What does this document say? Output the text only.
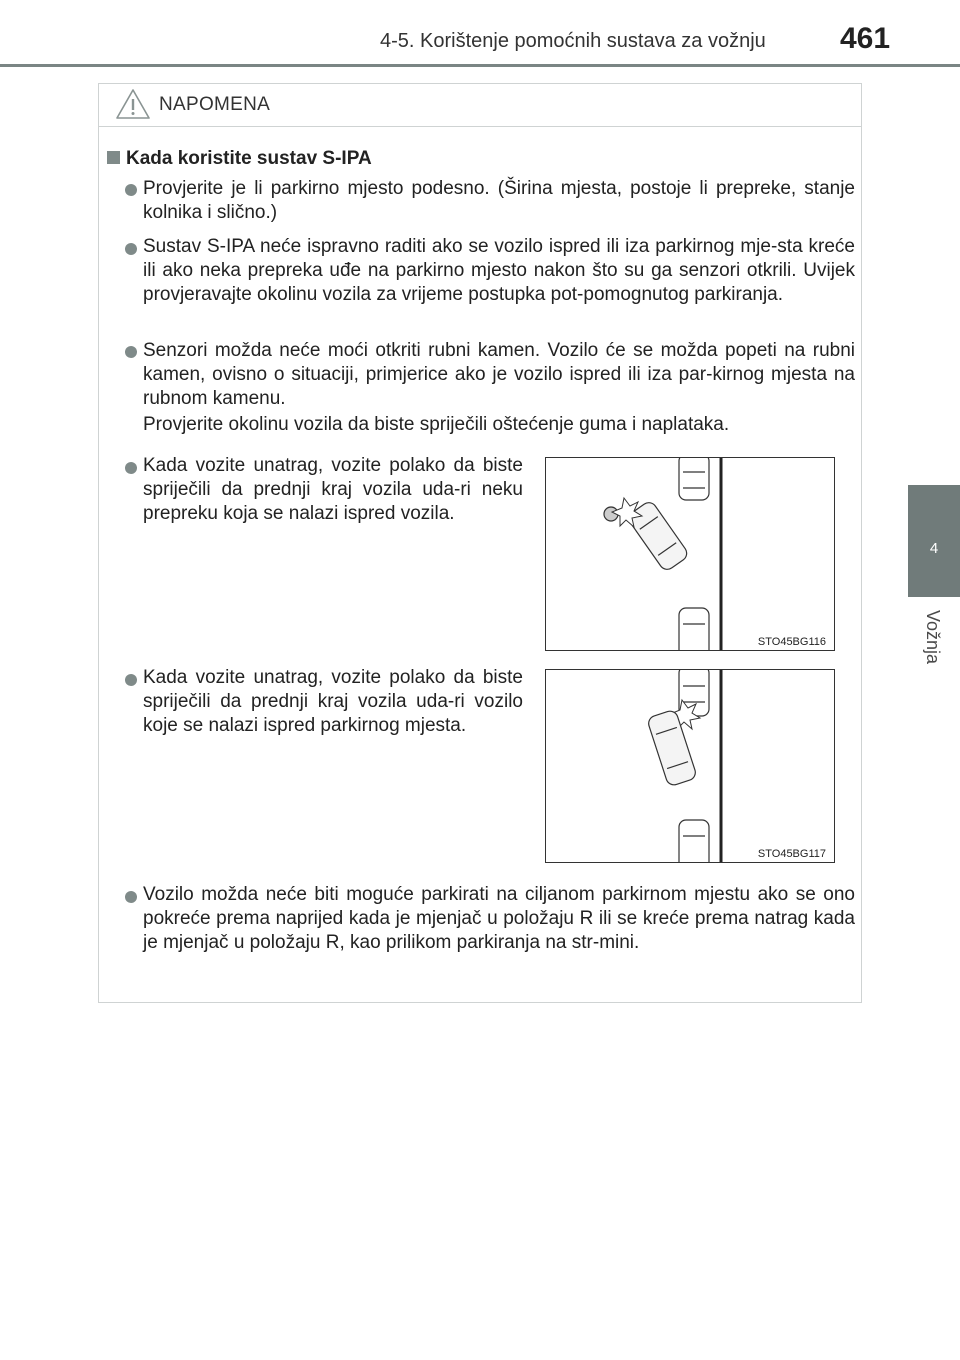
4-5. Korištenje pomoćnih sustava za vožnju 461
4
Vožnja
NAPOMENA
Kada koristite sustav S-IPA
Provjerite je li parkirno mjesto podesno. (Širina mjesta, postoje li prepreke, stanje kolnika i slično.)
Sustav S-IPA neće ispravno raditi ako se vozilo ispred ili iza parkirnog mje-sta kreće ili ako neka prepreka uđe na parkirno mjesto nakon što su ga senzori otkrili. Uvijek provjeravajte okolinu vozila za vrijeme postupka pot-pomognutog parkiranja.
Senzori možda neće moći otkriti rubni kamen. Vozilo će se možda popeti na rubni kamen, ovisno o situaciji, primjerice ako je vozilo ispred ili iza par-kirnog mjesta na rubnom kamenu.
Provjerite okolinu vozila da biste spriječili oštećenje guma i naplataka.
Kada vozite unatrag, vozite polako da biste spriječili da prednji kraj vozila uda-ri neku prepreku koja se nalazi ispred vozila.
STO45BG116
Kada vozite unatrag, vozite polako da biste spriječili da prednji kraj vozila uda-ri vozilo koje se nalazi ispred parkirnog mjesta.
STO45BG117
Vozilo možda neće biti moguće parkirati na ciljanom parkirnom mjestu ako se ono pokreće prema naprijed kada je mjenjač u položaju R ili se kreće prema natrag kada je mjenjač u položaju R, kao prilikom parkiranja na str-mini.
